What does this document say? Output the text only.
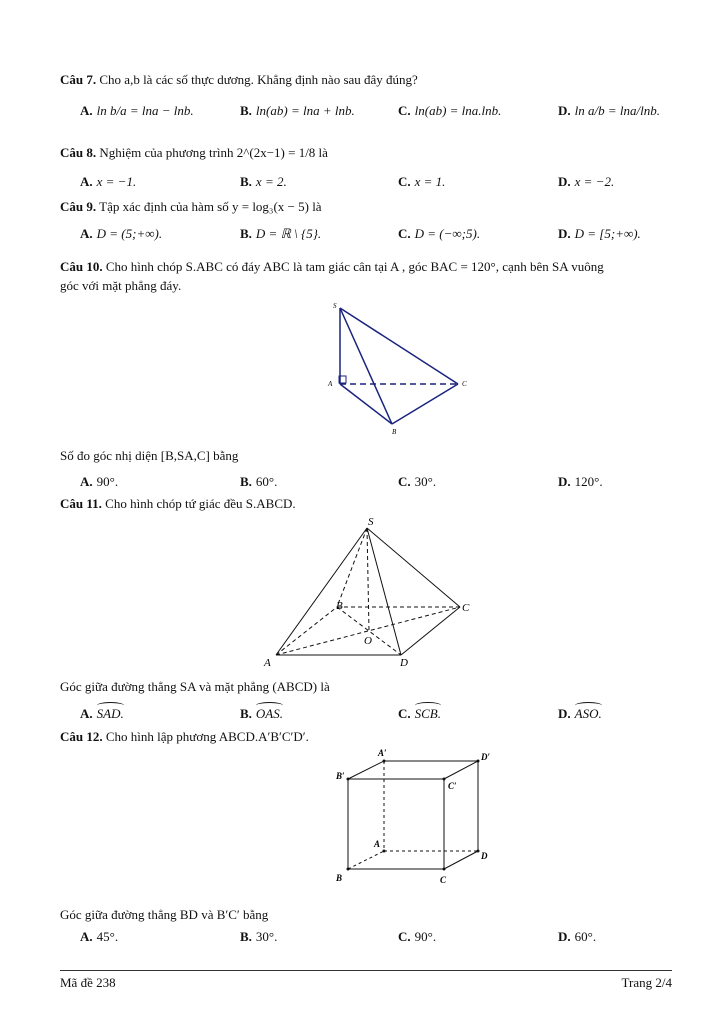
Câu 7. Cho a,b là các số thực dương. Khẳng định nào sau đây đúng?
A. ln b/a = lna − lnb.	B. ln(ab) = lna + lnb.	C. ln(ab) = lna.lnb.	D. ln a/b = lna/lnb.
Câu 8. Nghiệm của phương trình 2^(2x−1) = 1/8 là
A. x = −1.	B. x = 2.	C. x = 1.	D. x = −2.
Câu 9. Tập xác định của hàm số y = log₃(x − 5) là
A. D = (5;+∞).	B. D = ℝ \ {5}.	C. D = (−∞;5).	D. D = [5;+∞).
Câu 10. Cho hình chóp S.ABC có đáy ABC là tam giác cân tại A , góc BAC = 120°, cạnh bên SA vuông
góc với mặt phẳng đáy.
S
A
B
C
Số đo góc nhị diện [B,SA,C] bằng
A. 90°.	B. 60°.	C. 30°.	D. 120°.
Câu 11. Cho hình chóp tứ giác đều S.ABCD.
S
A
B	C
D
O
Góc giữa đường thẳng SA và mặt phẳng (ABCD) là
A. SAD.	B. OAS.	C. SCB.	D. ASO.
Câu 12. Cho hình lập phương ABCD.A′B′C′D′.
A′
B′
C′
D′
A
B	C
D
Góc giữa đường thẳng BD và B′C′ bằng
A. 45°.	B. 30°.	C. 90°.	D. 60°.
Mã đề 238	Trang 2/4
